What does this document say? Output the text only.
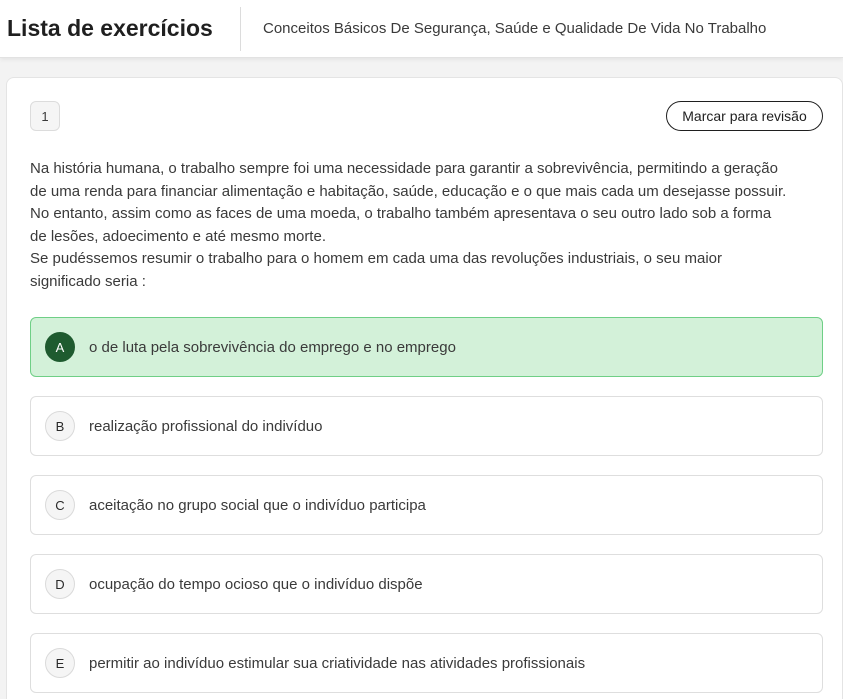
Lista de exercícios	Conceitos Básicos De Segurança, Saúde e Qualidade De Vida No Trabalho
1	Marcar para revisão

Na história humana, o trabalho sempre foi uma necessidade para garantir a sobrevivência, permitindo a geração de uma renda para financiar alimentação e habitação, saúde, educação e o que mais cada um desejasse possuir. No entanto, assim como as faces de uma moeda, o trabalho também apresentava o seu outro lado sob a forma de lesões, adoecimento e até mesmo morte.

Se pudéssemos resumir o trabalho para o homem em cada uma das revoluções industriais, o seu maior significado seria :

A	o de luta pela sobrevivência do emprego e no emprego
B	realização profissional do indivíduo
C	aceitação no grupo social que o indivíduo participa
D	ocupação do tempo ocioso que o indivíduo dispõe
E	permitir ao indivíduo estimular sua criatividade nas atividades profissionais
